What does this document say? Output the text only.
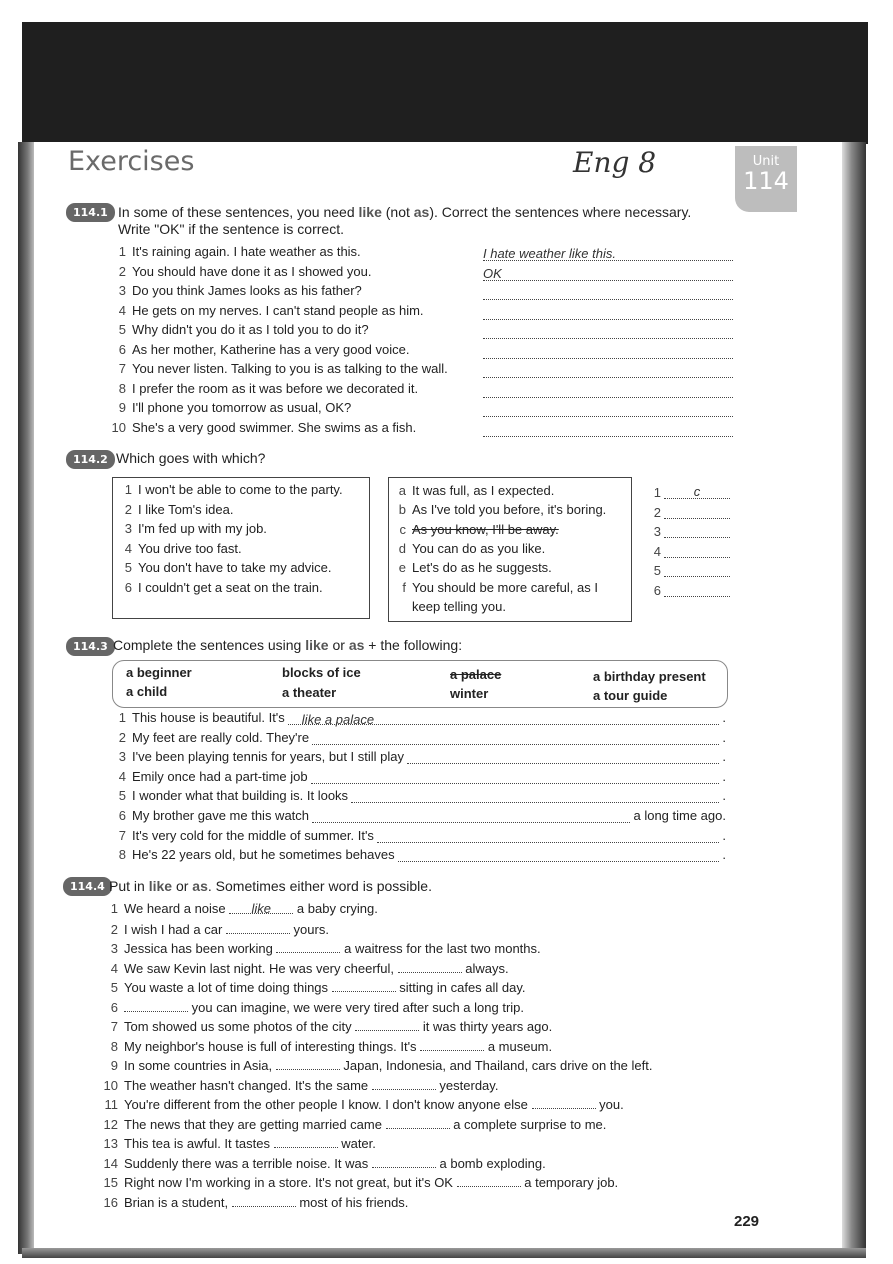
Unit
114
Exercises	Eng 8
114.1 In some of these sentences, you need like (not as). Correct the sentences where necessary.
Write "OK" if the sentence is correct.
1 It's raining again. I hate weather as this.	I hate weather like this.
2 You should have done it as I showed you.	OK
3 Do you think James looks as his father?
4 He gets on my nerves. I can't stand people as him.
5 Why didn't you do it as I told you to do it?
6 As her mother, Katherine has a very good voice.
7 You never listen. Talking to you is as talking to the wall.
8 I prefer the room as it was before we decorated it.
9 I'll phone you tomorrow as usual, OK?
10 She's a very good swimmer. She swims as a fish.
114.2 Which goes with which?
1 I won't be able to come to the party.
2 I like Tom's idea.
3 I'm fed up with my job.
4 You drive too fast.
5 You don't have to take my advice.
6 I couldn't get a seat on the train.
a It was full, as I expected.
b As I've told you before, it's boring.
c As you know, I'll be away.
d You can do as you like.
e Let's do as he suggests.
f You should be more careful, as I
keep telling you.
1	c
2
3
4
5
6
114.3 Complete the sentences using like or as + the following:
a beginner
a child
blocks of ice
a theater
a palace
winter
a birthday present
a tour guide
1 This house is beautiful. It's	like a palace	.
2 My feet are really cold. They're	.
3 I've been playing tennis for years, but I still play	.
4 Emily once had a part-time job	.
5 I wonder what that building is. It looks	.
6 My brother gave me this watch	a long time ago.
7 It's very cold for the middle of summer. It's	.
8 He's 22 years old, but he sometimes behaves	.
114.4 Put in like or as. Sometimes either word is possible.
1 We heard a noise like a baby crying.
2 I wish I had a car	yours.
3 Jessica has been working	a waitress for the last two months.
4 We saw Kevin last night. He was very cheerful,	always.
5 You waste a lot of time doing things	sitting in cafes all day.
6	you can imagine, we were very tired after such a long trip.
7 Tom showed us some photos of the city	it was thirty years ago.
8 My neighbor's house is full of interesting things. It's	a museum.
9 In some countries in Asia,	Japan, Indonesia, and Thailand, cars drive on the left.
10 The weather hasn't changed. It's the same	yesterday.
11 You're different from the other people I know. I don't know anyone else	you.
12 The news that they are getting married came	a complete surprise to me.
13 This tea is awful. It tastes	water.
14 Suddenly there was a terrible noise. It was	a bomb exploding.
15 Right now I'm working in a store. It's not great, but it's OK	a temporary job.
16 Brian is a student,	most of his friends.
229
